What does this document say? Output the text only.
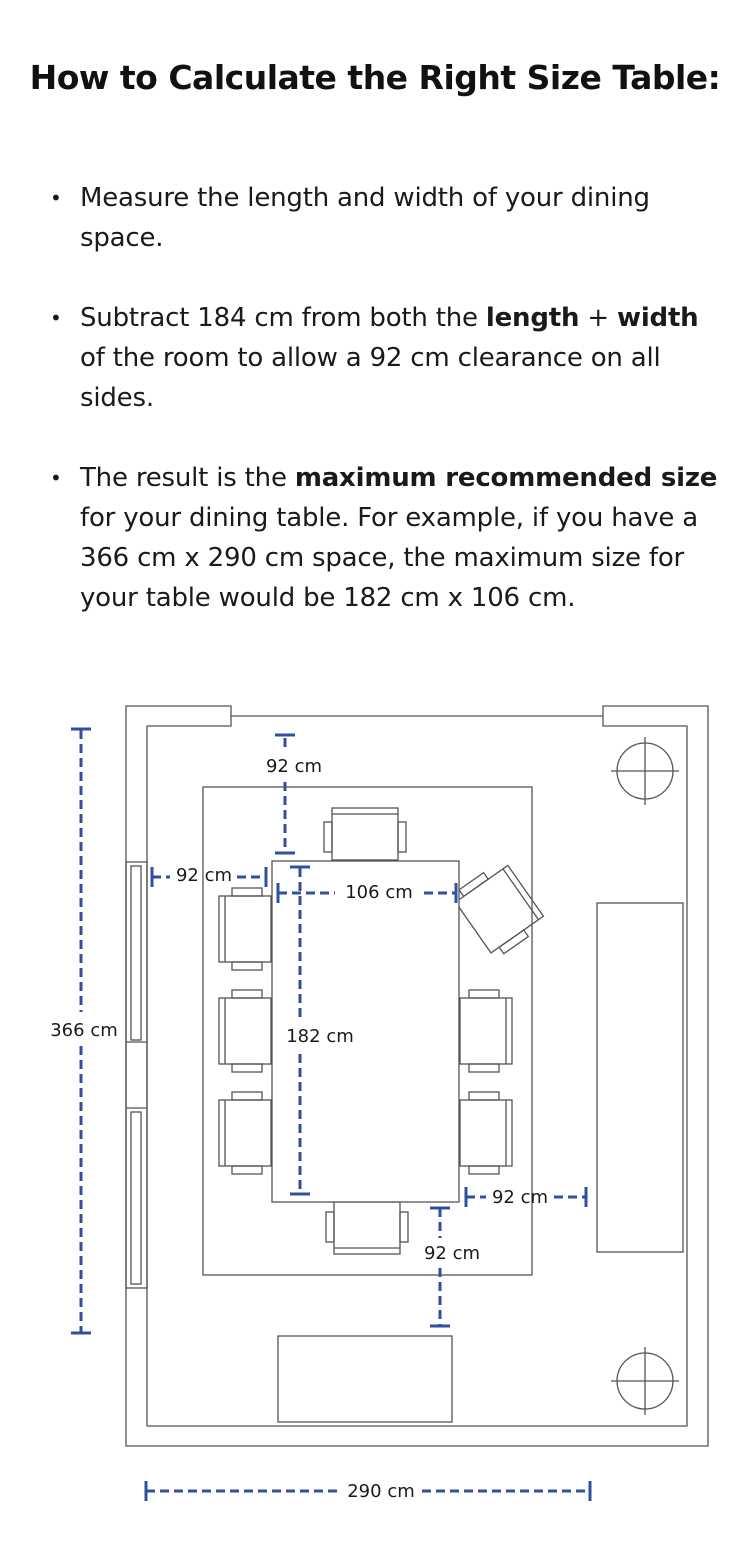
How to Calculate the Right Size Table:
• Measure the length and width of your dining space.
• Subtract 184 cm from both the length + width of the room to allow a 92 cm clearance on all sides.
• The result is the maximum recommended size for your dining table. For example, if you have a 366 cm x 290 cm space, the maximum size for your table would be 182 cm x 106 cm.
366 cm
290 cm
92 cm
92 cm
106 cm
182 cm
92 cm
92 cm
